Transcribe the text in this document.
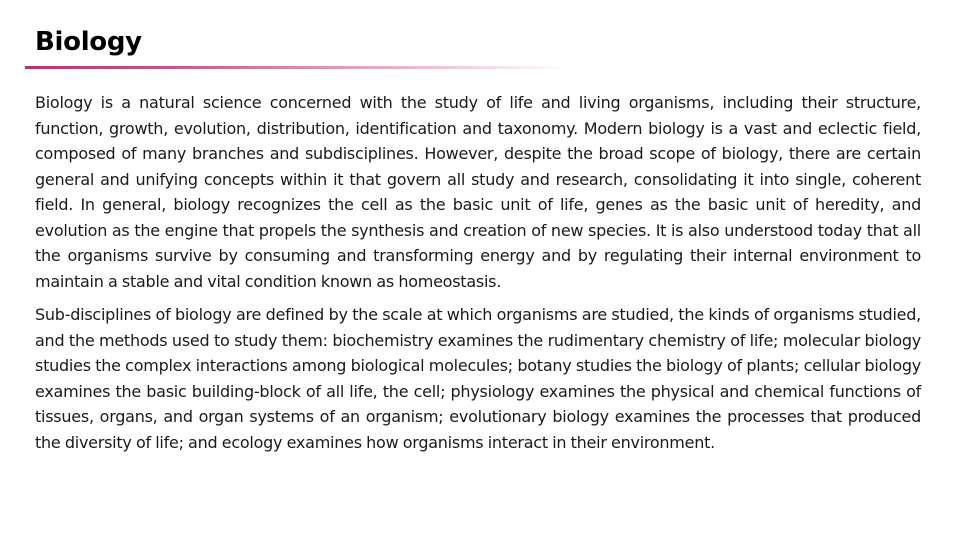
Biology

Biology is a natural science concerned with the study of life and living organisms, including their structure, function, growth, evolution, distribution, identification and taxonomy. Modern biology is a vast and eclectic field, composed of many branches and subdisciplines. However, despite the broad scope of biology, there are certain general and unifying concepts within it that govern all study and research, consolidating it into single, coherent field. In general, biology recognizes the cell as the basic unit of life, genes as the basic unit of heredity, and evolution as the engine that propels the synthesis and creation of new species. It is also understood today that all the organisms survive by consuming and transforming energy and by regulating their internal environment to maintain a stable and vital condition known as homeostasis.

Sub-disciplines of biology are defined by the scale at which organisms are studied, the kinds of organisms studied, and the methods used to study them: biochemistry examines the rudimentary chemistry of life; molecular biology studies the complex interactions among biological molecules; botany studies the biology of plants; cellular biology examines the basic building-block of all life, the cell; physiology examines the physical and chemical functions of tissues, organs, and organ systems of an organism; evolutionary biology examines the processes that produced the diversity of life; and ecology examines how organisms interact in their environment.
